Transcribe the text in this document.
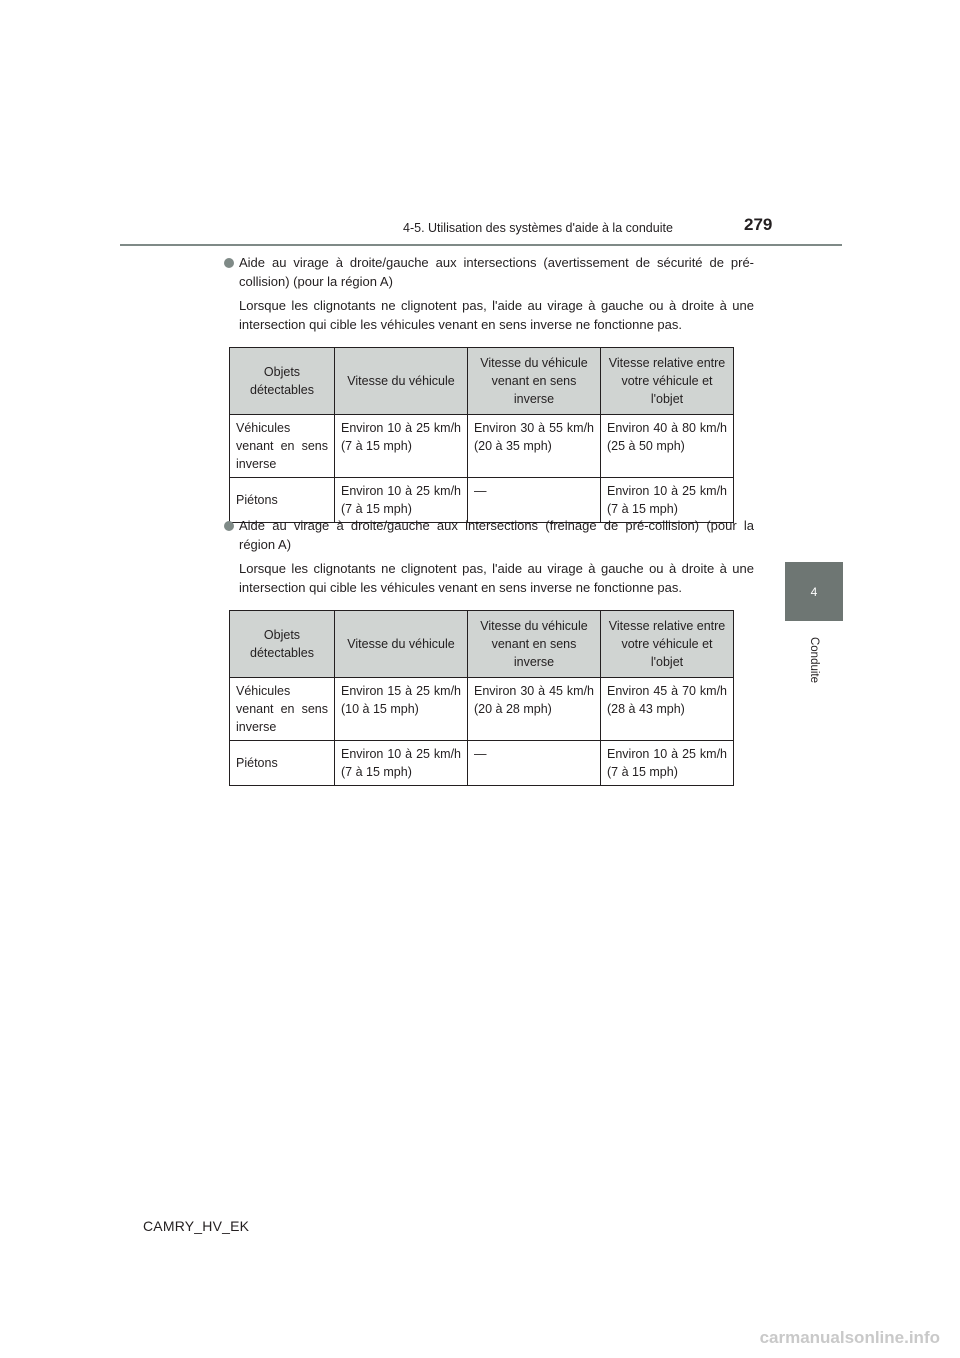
4-5. Utilisation des systèmes d'aide à la conduite	279
4
Conduite
Aide au virage à droite/gauche aux intersections (avertissement de sécurité de pré-collision) (pour la région A)
Lorsque les clignotants ne clignotent pas, l'aide au virage à gauche ou à droite à une intersection qui cible les véhicules venant en sens inverse ne fonctionne pas.
Objets détectables	Vitesse du véhicule	Vitesse du véhicule venant en sens inverse	Vitesse relative entre votre véhicule et l'objet
Véhicules venant en sens inverse	Environ 10 à 25 km/h (7 à 15 mph)	Environ 30 à 55 km/h (20 à 35 mph)	Environ 40 à 80 km/h (25 à 50 mph)
Piétons	Environ 10 à 25 km/h (7 à 15 mph)	—	Environ 10 à 25 km/h (7 à 15 mph)
Aide au virage à droite/gauche aux intersections (freinage de pré-collision) (pour la région A)
Lorsque les clignotants ne clignotent pas, l'aide au virage à gauche ou à droite à une intersection qui cible les véhicules venant en sens inverse ne fonctionne pas.
Objets détectables	Vitesse du véhicule	Vitesse du véhicule venant en sens inverse	Vitesse relative entre votre véhicule et l'objet
Véhicules venant en sens inverse	Environ 15 à 25 km/h (10 à 15 mph)	Environ 30 à 45 km/h (20 à 28 mph)	Environ 45 à 70 km/h (28 à 43 mph)
Piétons	Environ 10 à 25 km/h (7 à 15 mph)	—	Environ 10 à 25 km/h (7 à 15 mph)
CAMRY_HV_EK
carmanualsonline.info
